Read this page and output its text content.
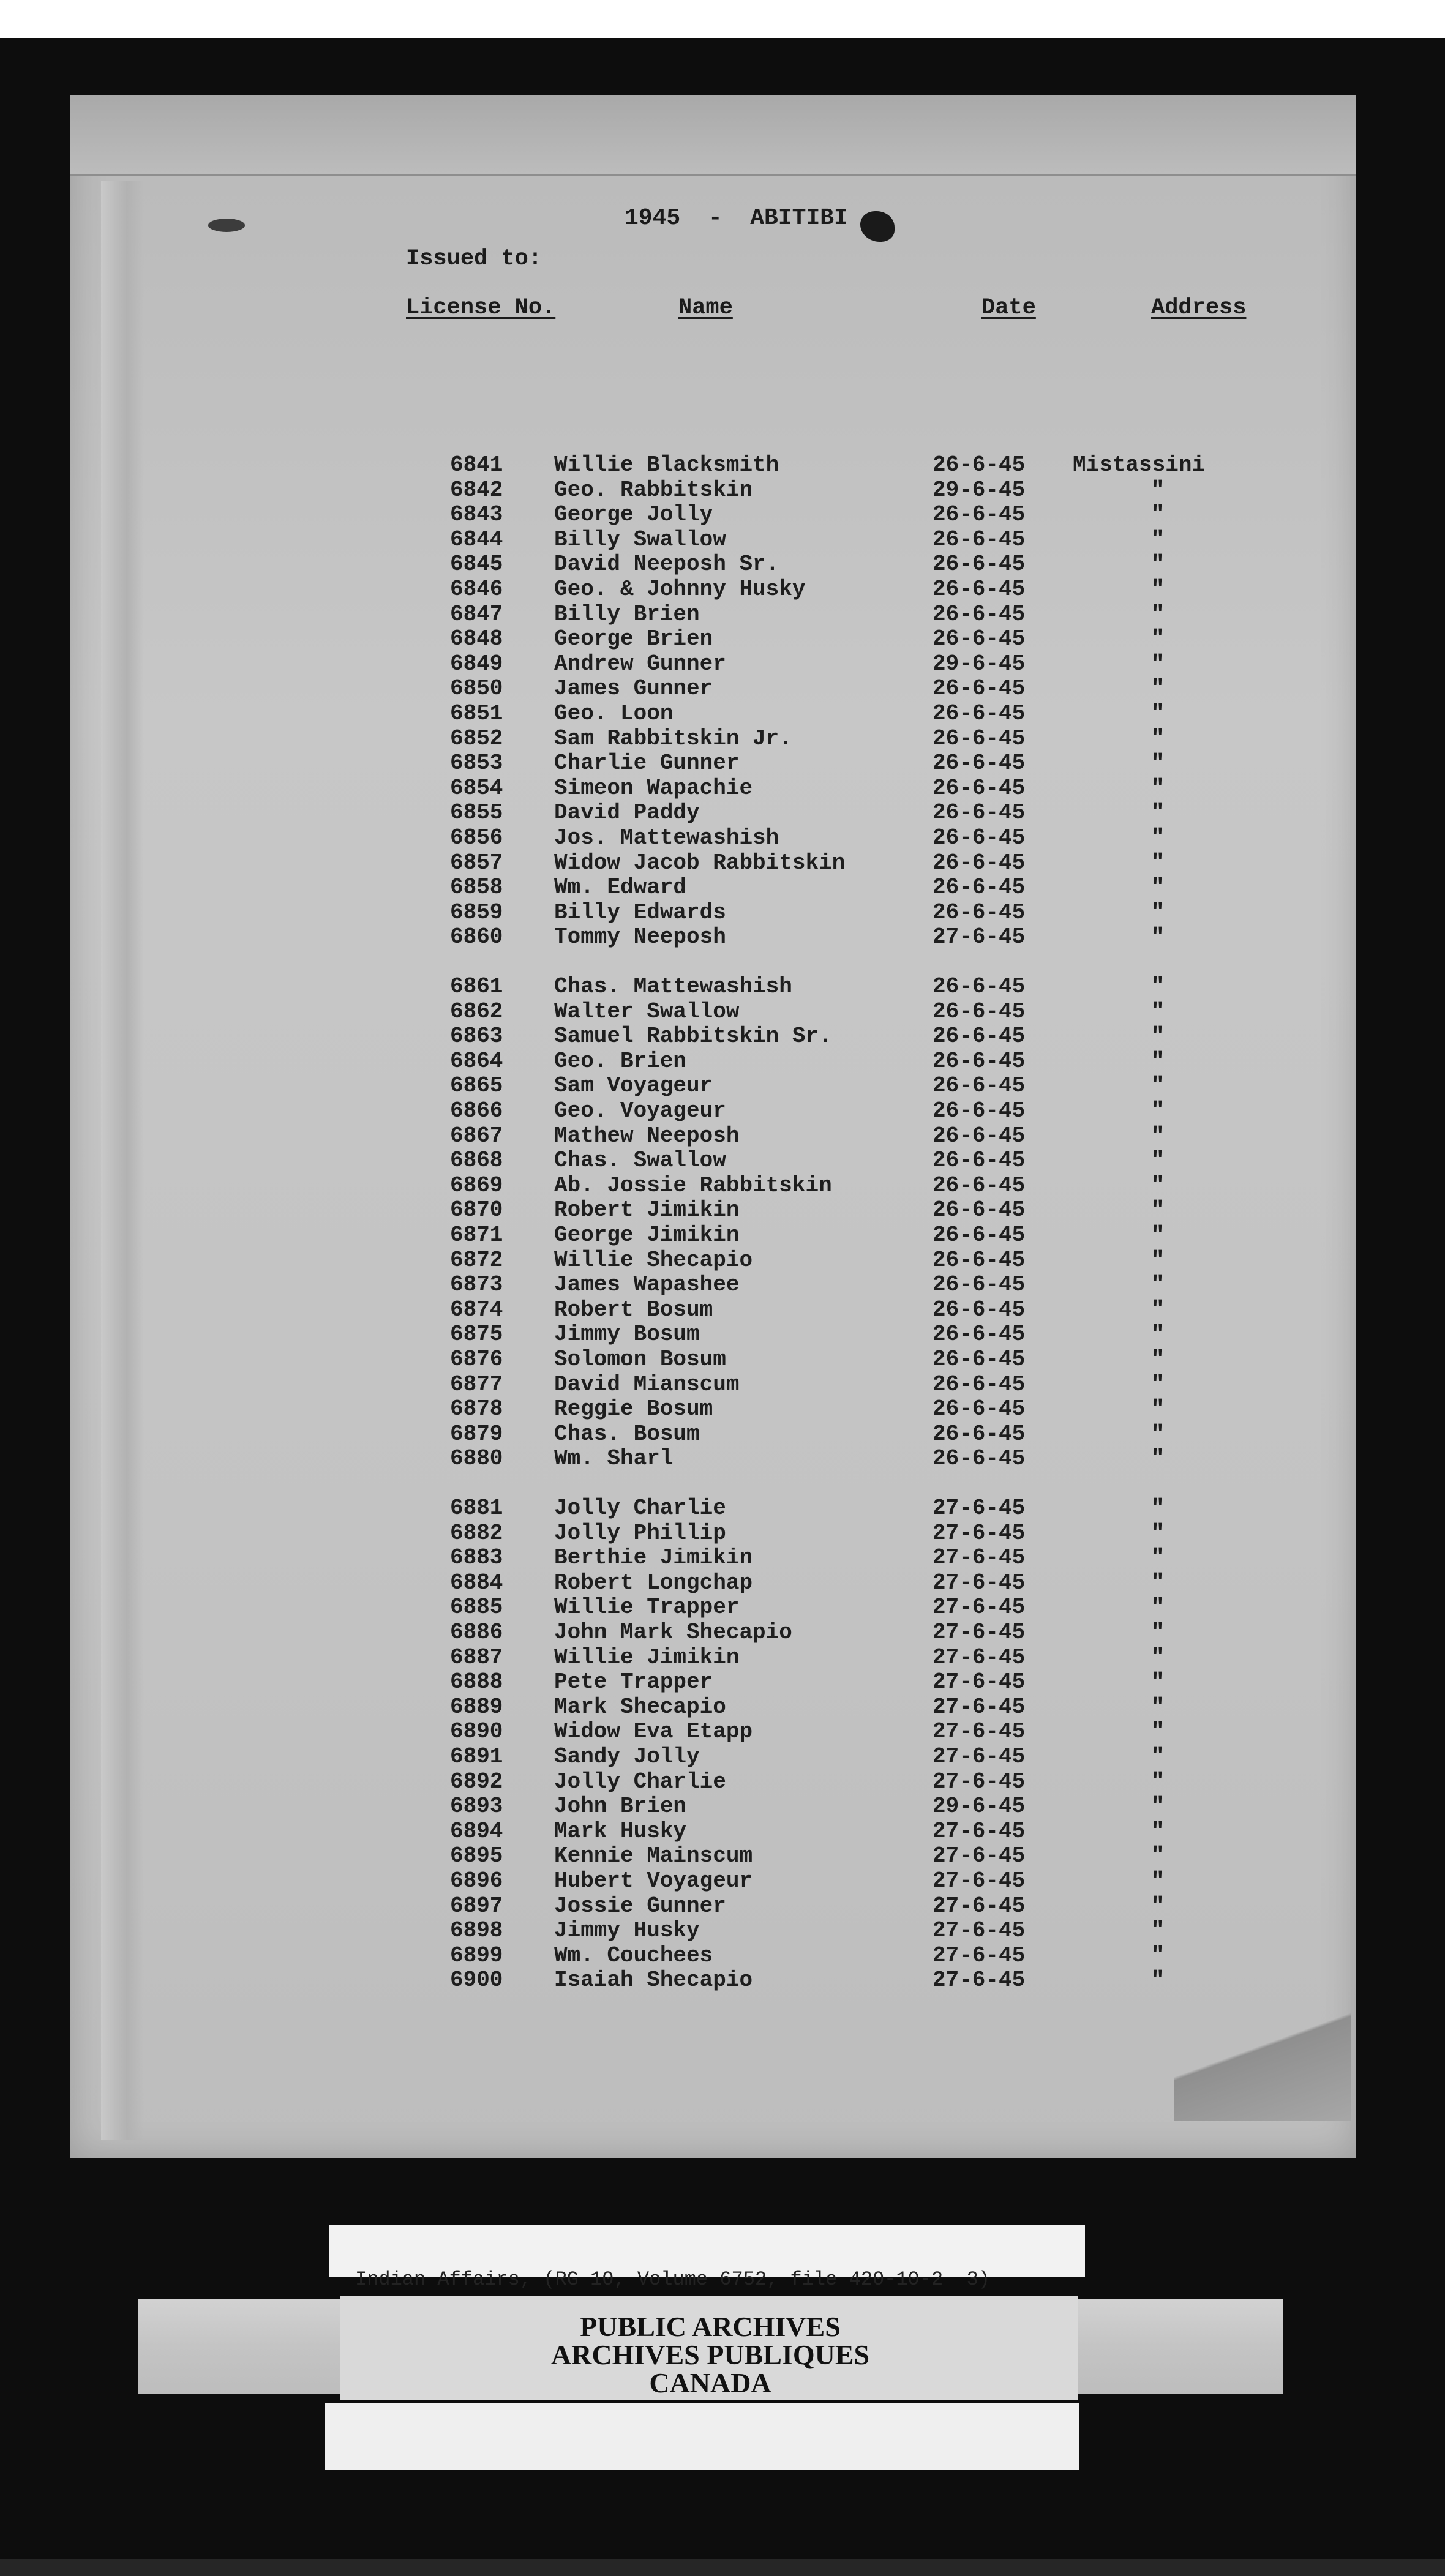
1945  -  ABITIBI
Issued to:
License No.	Name	Date	Address
6841 Willie Blacksmith	26-6-45 Mistassini
6842 Geo. Rabbitskin	29-6-45	"
6843 George Jolly	26-6-45	"
6844 Billy Swallow	26-6-45	"
6845 David Neeposh Sr.	26-6-45	"
6846 Geo. & Johnny Husky	26-6-45	"
6847 Billy Brien	26-6-45	"
6848 George Brien	26-6-45	"
6849 Andrew Gunner	29-6-45	"
6850 James Gunner	26-6-45	"
6851 Geo. Loon	26-6-45	"
6852 Sam Rabbitskin Jr.	26-6-45	"
6853 Charlie Gunner	26-6-45	"
6854 Simeon Wapachie	26-6-45	"
6855 David Paddy	26-6-45	"
6856 Jos. Mattewashish	26-6-45	"
6857 Widow Jacob Rabbitskin	26-6-45	"
6858 Wm. Edward	26-6-45	"
6859 Billy Edwards	26-6-45	"
6860 Tommy Neeposh	27-6-45	"
6861 Chas. Mattewashish	26-6-45	"
6862 Walter Swallow	26-6-45	"
6863 Samuel Rabbitskin Sr.	26-6-45	"
6864 Geo. Brien	26-6-45	"
6865 Sam Voyageur	26-6-45	"
6866 Geo. Voyageur	26-6-45	"
6867 Mathew Neeposh	26-6-45	"
6868 Chas. Swallow	26-6-45	"
6869 Ab. Jossie Rabbitskin	26-6-45	"
6870 Robert Jimikin	26-6-45	"
6871 George Jimikin	26-6-45	"
6872 Willie Shecapio	26-6-45	"
6873 James Wapashee	26-6-45	"
6874 Robert Bosum	26-6-45	"
6875 Jimmy Bosum	26-6-45	"
6876 Solomon Bosum	26-6-45	"
6877 David Mianscum	26-6-45	"
6878 Reggie Bosum	26-6-45	"
6879 Chas. Bosum	26-6-45	"
6880 Wm. Sharl	26-6-45	"
6881 Jolly Charlie	27-6-45	"
6882 Jolly Phillip	27-6-45	"
6883 Berthie Jimikin	27-6-45	"
6884 Robert Longchap	27-6-45	"
6885 Willie Trapper	27-6-45	"
6886 John Mark Shecapio	27-6-45	"
6887 Willie Jimikin	27-6-45	"
6888 Pete Trapper	27-6-45	"
6889 Mark Shecapio	27-6-45	"
6890 Widow Eva Etapp	27-6-45	"
6891 Sandy Jolly	27-6-45	"
6892 Jolly Charlie	27-6-45	"
6893 John Brien	29-6-45	"
6894 Mark Husky	27-6-45	"
6895 Kennie Mainscum	27-6-45	"
6896 Hubert Voyageur	27-6-45	"
6897 Jossie Gunner	27-6-45	"
6898 Jimmy Husky	27-6-45	"
6899 Wm. Couchees	27-6-45	"
6900 Isaiah Shecapio	27-6-45	"
Indian Affairs, (RG 10, Volume 6752, file 420-10-2  3)
PUBLIC ARCHIVES
ARCHIVES PUBLIQUES
CANADA
